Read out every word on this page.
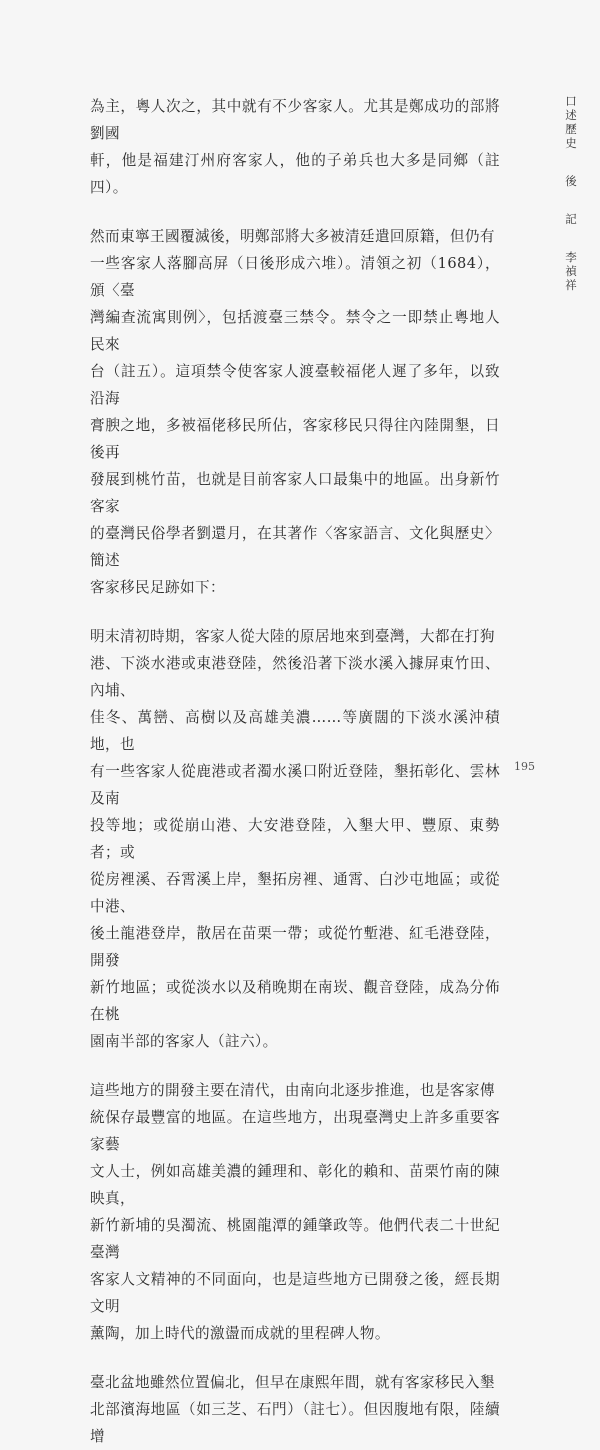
為主，粵人次之，其中就有不少客家人。尤其是鄭成功的部將劉國
軒，他是福建汀州府客家人，他的子弟兵也大多是同鄉（註四）。

然而東寧王國覆滅後，明鄭部將大多被清廷遣回原籍，但仍有
一些客家人落腳高屏（日後形成六堆）。清領之初（1684），頒〈臺
灣編查流寓則例〉，包括渡臺三禁令。禁令之一即禁止粵地人民來
台（註五）。這項禁令使客家人渡臺較福佬人遲了多年，以致沿海
膏腴之地，多被福佬移民所佔，客家移民只得往內陸開墾，日後再
發展到桃竹苗，也就是目前客家人口最集中的地區。出身新竹客家
的臺灣民俗學者劉還月，在其著作〈客家語言、文化與歷史〉簡述
客家移民足跡如下：

明末清初時期，客家人從大陸的原居地來到臺灣，大都在打狗
港、下淡水港或東港登陸，然後沿著下淡水溪入據屏東竹田、內埔、
佳冬、萬巒、高樹以及高雄美濃……等廣闊的下淡水溪沖積地，也
有一些客家人從鹿港或者濁水溪口附近登陸，墾拓彰化、雲林及南
投等地；或從崩山港、大安港登陸，入墾大甲、豐原、東勢者；或
從房裡溪、吞霄溪上岸，墾拓房裡、通霄、白沙屯地區；或從中港、
後土龍港登岸，散居在苗栗一帶；或從竹塹港、紅毛港登陸，開發
新竹地區；或從淡水以及稍晚期在南崁、觀音登陸，成為分佈在桃
園南半部的客家人（註六）。

這些地方的開發主要在清代，由南向北逐步推進，也是客家傳
統保存最豐富的地區。在這些地方，出現臺灣史上許多重要客家藝
文人士，例如高雄美濃的鍾理和、彰化的賴和、苗栗竹南的陳映真，
新竹新埔的吳濁流、桃園龍潭的鍾肇政等。他們代表二十世紀臺灣
客家人文精神的不同面向，也是這些地方已開發之後，經長期文明
薰陶，加上時代的激盪而成就的里程碑人物。

臺北盆地雖然位置偏北，但早在康熙年間，就有客家移民入墾
北部濱海地區（如三芝、石門）（註七）。但因腹地有限，陸續增

口
述
歷
史
後
記
李
禎
祥
195
